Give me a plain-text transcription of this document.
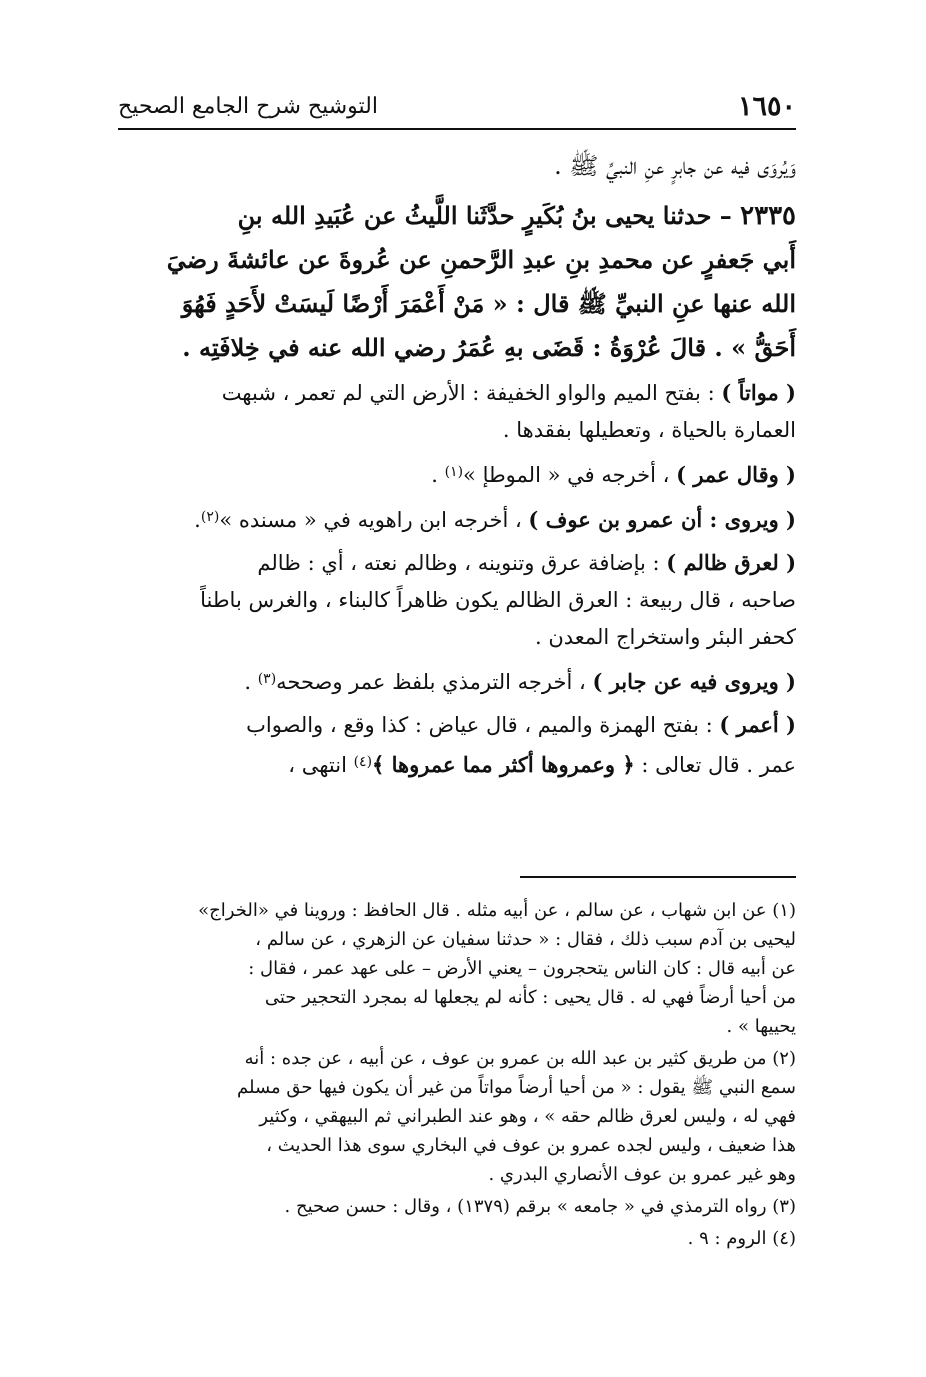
١٦٥٠
التوشيح شرح الجامع الصحيح

وَيُروَى فيه عن جابرٍ عنِ النبيِّ ﷺ .

٢٣٣٥ – حدثنا يحيى بنُ بُكَيرٍ حدَّثَنا اللَّيثُ عن عُبَيدِ الله بنِ
أَبي جَعفرٍ عن محمدِ بنِ عبدِ الرَّحمنِ عن عُروةَ عن عائشةَ رضيَ
الله عنها عنِ النبيِّ ﷺ قال : « مَنْ أَعْمَرَ أَرْضًا لَيسَتْ لأَحَدٍ فَهُوَ
أَحَقُّ » . قالَ عُرْوَةُ : قَضَى بهِ عُمَرُ رضي الله عنه في خِلافَتِه .
( مواتاً ) : بفتح الميم والواو الخفيفة : الأرض التي لم تعمر ، شبهت
العمارة بالحياة ، وتعطيلها بفقدها .
( وقال عمر ) ، أخرجه في « الموطإ »$^{(١)}$ .
( ويروى : أن عمرو بن عوف ) ، أخرجه ابن راهويه في « مسنده »$^{(٢)}$.
( لعرق ظالم ) : بإضافة عرق وتنوينه ، وظالم نعته ، أي : ظالم
صاحبه ، قال ربيعة : العرق الظالم يكون ظاهراً كالبناء ، والغرس باطناً
كحفر البئر واستخراج المعدن .
( ويروى فيه عن جابر ) ، أخرجه الترمذي بلفظ عمر وصححه$^{(٣)}$ .
( أعمر ) : بفتح الهمزة والميم ، قال عياض : كذا وقع ، والصواب
عمر . قال تعالى : ﴿ وعمروها أكثر مما عمروها ﴾$^{(٤)}$ انتهى ،
(١) عن ابن شهاب ، عن سالم ، عن أبيه مثله . قال الحافظ : وروينا في «الخراج»
ليحيى بن آدم سبب ذلك ، فقال : « حدثنا سفيان عن الزهري ، عن سالم ،
عن أبيه قال : كان الناس يتحجرون – يعني الأرض – على عهد عمر ، فقال :
من أحيا أرضاً فهي له . قال يحيى : كأنه لم يجعلها له بمجرد التحجير حتى
يحييها » .
(٢) من طريق كثير بن عبد الله بن عمرو بن عوف ، عن أبيه ، عن جده : أنه
سمع النبي ﷺ يقول : « من أحيا أرضاً مواتاً من غير أن يكون فيها حق مسلم
فهي له ، وليس لعرق ظالم حقه » ، وهو عند الطبراني ثم البيهقي ، وكثير
هذا ضعيف ، وليس لجده عمرو بن عوف في البخاري سوى هذا الحديث ،
وهو غير عمرو بن عوف الأنصاري البدري .
(٣) رواه الترمذي في « جامعه » برقم (١٣٧٩) ، وقال : حسن صحيح .
(٤) الروم : ٩ .
